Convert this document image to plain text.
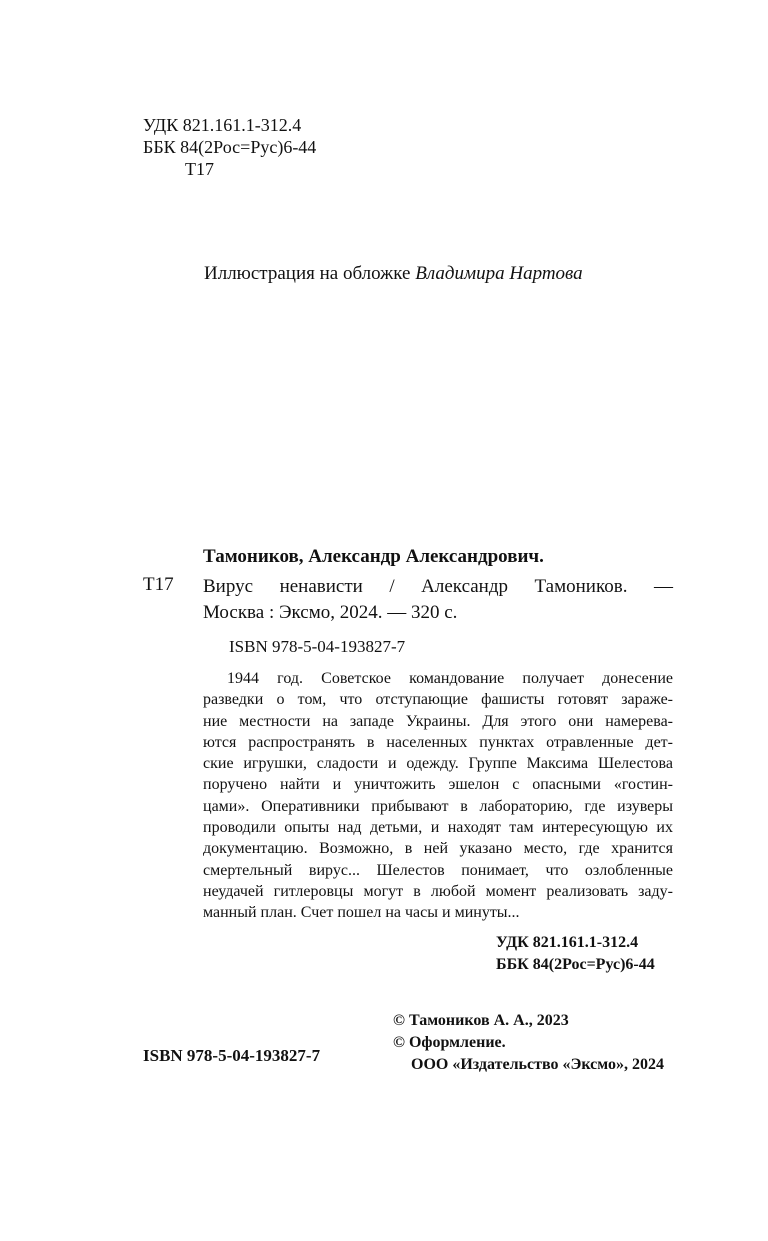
УДК 821.161.1-312.4
ББК 84(2Рос=Рус)6-44
Т17
Иллюстрация на обложке Владимира Нартова
Тамоников, Александр Александрович.
Т17 Вирус ненависти / Александр Тамоников. —
Москва : Эксмо, 2024. — 320 с.
ISBN 978-5-04-193827-7
1944 год. Советское командование получает донесение
разведки о том, что отступающие фашисты готовят зараже-
ние местности на западе Украины. Для этого они намерева-
ются распространять в населенных пунктах отравленные дет-
ские игрушки, сладости и одежду. Группе Максима Шелестова
поручено найти и уничтожить эшелон с опасными «гостин-
цами». Оперативники прибывают в лабораторию, где изуверы
проводили опыты над детьми, и находят там интересующую их
документацию. Возможно, в ней указано место, где хранится
смертельный вирус... Шелестов понимает, что озлобленные
неудачей гитлеровцы могут в любой момент реализовать заду-
манный план. Счет пошел на часы и минуты...
УДК 821.161.1-312.4
ББК 84(2Рос=Рус)6-44
© Тамоников А. А., 2023
© Оформление.
ООО «Издательство «Эксмо», 2024
ISBN 978-5-04-193827-7
